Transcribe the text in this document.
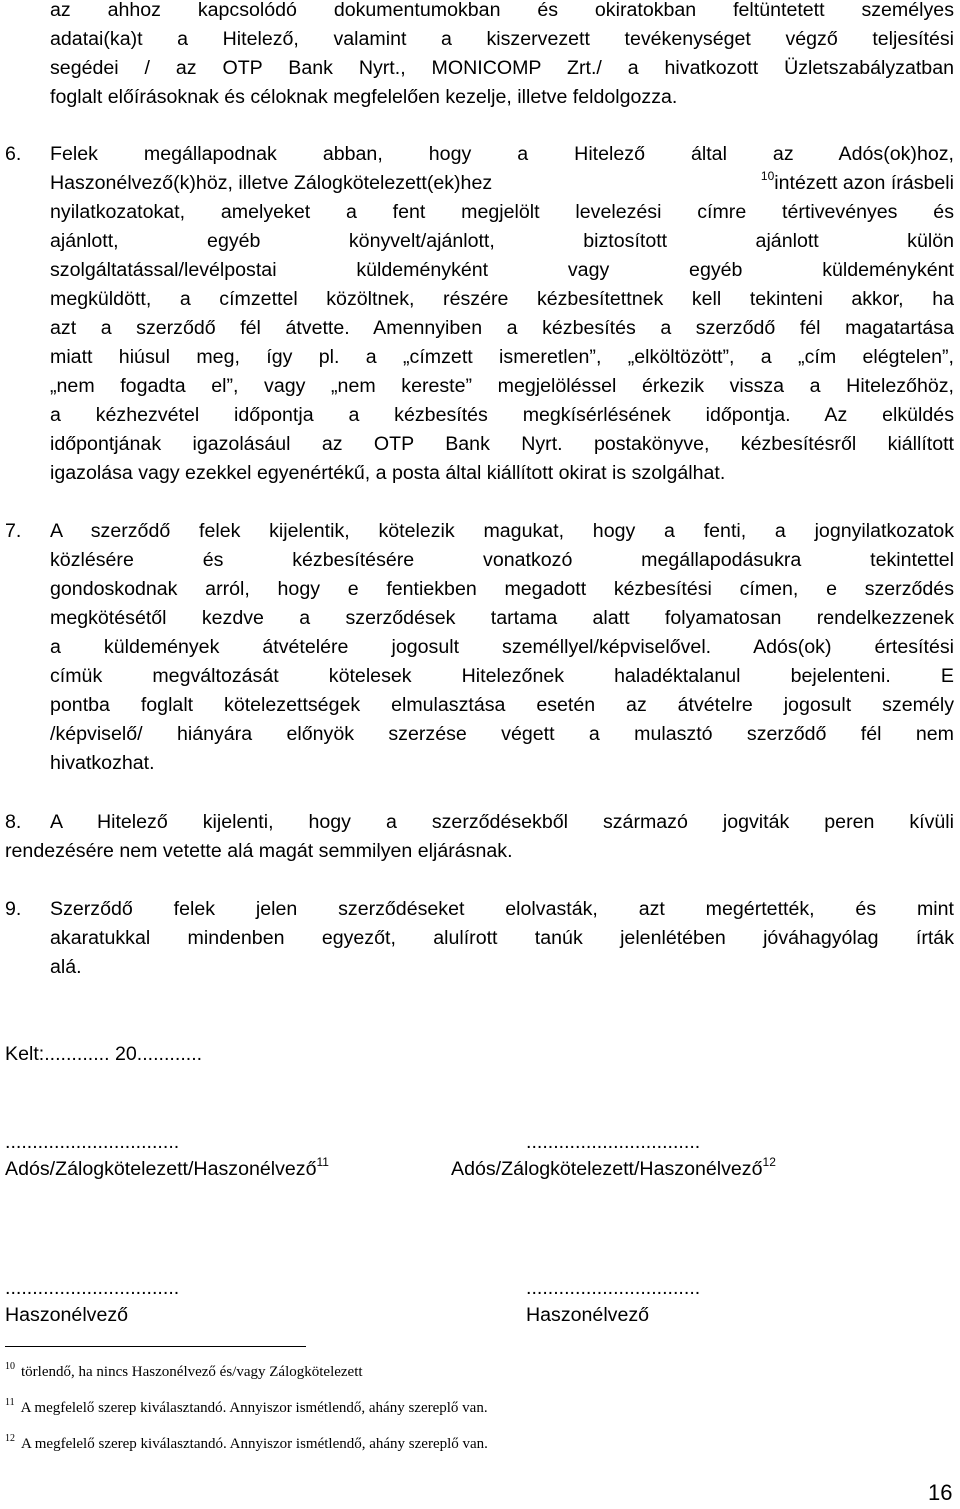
az ahhoz kapcsolódó dokumentumokban és okiratokban feltüntetett személyes
adatai(ka)t a Hitelező, valamint a kiszervezett tevékenységet végző teljesítési
segédei / az OTP Bank Nyrt., MONICOMP Zrt./ a hivatkozott Üzletszabályzatban
foglalt előírásoknak és céloknak megfelelően kezelje, illetve feldolgozza.
6. Felek megállapodnak abban, hogy a Hitelező által az Adós(ok)hoz,
Haszonélvező(k)höz, illetve Zálogkötelezett(ek)hez	$^{10}$intézett azon írásbeli
nyilatkozatokat, amelyeket a fent megjelölt levelezési címre tértivevényes és
ajánlott, egyéb könyvelt/ajánlott, biztosított ajánlott külön
szolgáltatással/levélpostai küldeményként vagy egyéb küldeményként
megküldött, a címzettel közöltnek, részére kézbesítettnek kell tekinteni akkor, ha
azt a szerződő fél átvette. Amennyiben a kézbesítés a szerződő fél magatartása
miatt hiúsul meg, így pl. a „címzett ismeretlen”, „elköltözött”, a „cím elégtelen”,
„nem fogadta el”, vagy „nem kereste” megjelöléssel érkezik vissza a Hitelezőhöz,
a kézhezvétel időpontja a kézbesítés megkísérlésének időpontja. Az elküldés
időpontjának igazolásául az OTP Bank Nyrt. postakönyve, kézbesítésről kiállított
igazolása vagy ezekkel egyenértékű, a posta által kiállított okirat is szolgálhat.
7. A szerződő felek kijelentik, kötelezik magukat, hogy a fenti, a jognyilatkozatok
közlésére és kézbesítésére vonatkozó megállapodásukra tekintettel
gondoskodnak arról, hogy e fentiekben megadott kézbesítési címen, e szerződés
megkötésétől kezdve a szerződések tartama alatt folyamatosan rendelkezzenek
a küldemények átvételére jogosult személlyel/képviselővel. Adós(ok) értesítési
címük megváltozását kötelesek Hitelezőnek haladéktalanul bejelenteni. E
pontba foglalt kötelezettségek elmulasztása esetén az átvételre jogosult személy
/képviselő/ hiányára előnyök szerzése végett a mulasztó szerződő fél nem
hivatkozhat.
8. A Hitelező kijelenti, hogy a szerződésekből származó jogviták peren kívüli
rendezésére nem vetette alá magát semmilyen eljárásnak.
9. Szerződő felek jelen szerződéseket elolvasták, azt megértették, és mint
akaratukkal mindenben egyezőt, alulírott tanúk jelenlétében jóváhagyólag írták
alá.
Kelt:............ 20............
................................	................................
Adós/Zálogkötelezett/Haszonélvező$^{11}$	Adós/Zálogkötelezett/Haszonélvező$^{12}$
................................	................................
Haszonélvező	Haszonélvező
$^{10}$ törlendő, ha nincs Haszonélvező és/vagy Zálogkötelezett
$^{11}$ A megfelelő szerep kiválasztandó. Annyiszor ismétlendő, ahány szereplő van.
$^{12}$ A megfelelő szerep kiválasztandó. Annyiszor ismétlendő, ahány szereplő van.
16
